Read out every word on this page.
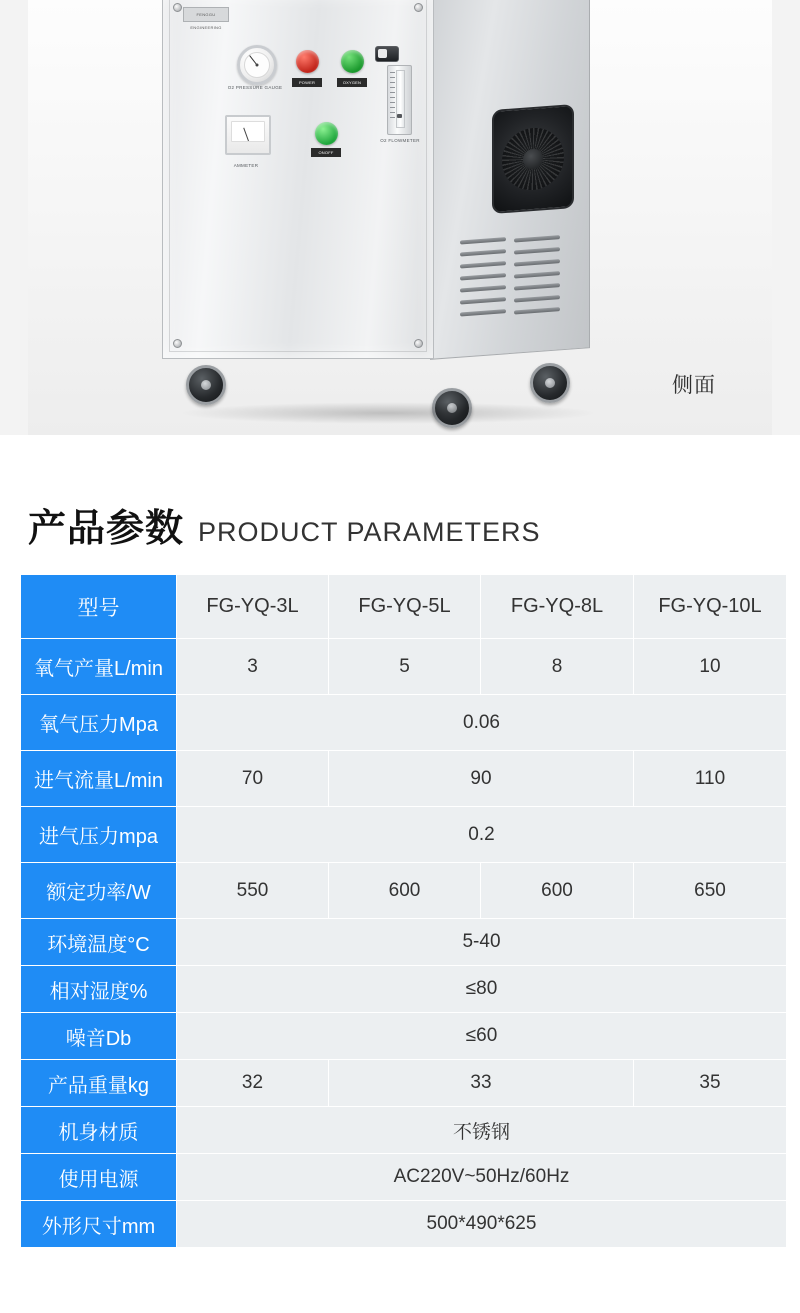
FENGGU ENGINEERING
O2 PRESSURE GAUGE
POWER	OXYGEN
AMMETER
ONOFF
O2 FLOWMETER
侧面
产品参数 PRODUCT PARAMETERS
型号	FG-YQ-3L	FG-YQ-5L	FG-YQ-8L	FG-YQ-10L
氧气产量L/min	3	5	8	10
氧气压力Mpa	0.06			
进气流量L/min	70	90		110
进气压力mpa	0.2			
额定功率/W	550	600	600	650
环境温度°C	5-40			
相对湿度%	≤80			
噪音Db	≤60			
产品重量kg	32	33		35
机身材质	不锈钢			
使用电源	AC220V~50Hz/60Hz			
外形尺寸mm	500*490*625			
